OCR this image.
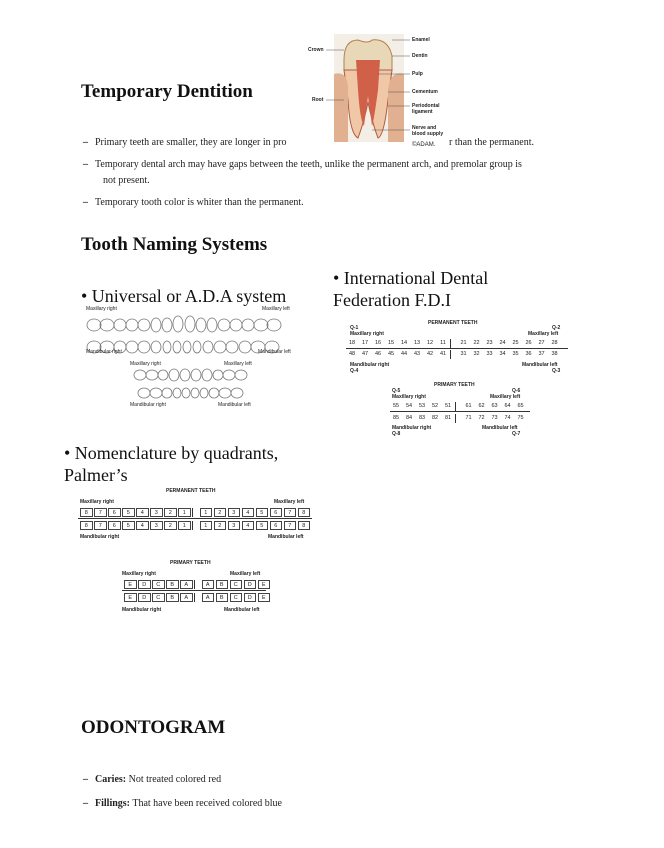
Temporary Dentition
Crown
Root
Enamel
Dentin
Pulp
Cementum
Periodontal ligament
Nerve and blood supply
©ADAM.
– Primary teeth are smaller, they are longer in pro	r than the permanent.
– Temporary dental arch may have gaps between the teeth, unlike the permanent arch, and premolar group is
not present.
– Temporary tooth color is whiter than the permanent.
Tooth Naming Systems
• Universal or A.D.A system
• International Dental
Federation F.D.I
Maxillary right	Maxillary left
Mandibular right	Mandibular left
Maxillary right	Maxillary left
Mandibular right	Mandibular left
PERMANENT TEETH
Q-1	Q-2
Maxillary right	Maxillary left
18	17	16	15	14	13	12	11	21	22	23	24	25	26	27	28
48	47	46	45	44	43	42	41	31	32	33	34	35	36	37	38
Mandibular right	Mandibular left
Q-4	Q-3
PRIMARY TEETH
Q-5	Q-6
Maxillary right	Maxillary left
55	54	53	52	51	61	62	63	64	65
85	84	83	82	81	71	72	73	74	75
Mandibular right	Mandibular left
Q-8	Q-7
• Nomenclature by quadrants,
Palmer’s
PERMANENT TEETH
Maxillary right	Maxillary left
8	7	6	5	4	3	2	1	1	2	3	4	5	6	7	8
8	7	6	5	4	3	2	1	1	2	3	4	5	6	7	8
Mandibular right	Mandibular left
PRIMARY TEETH
Maxillary right	Maxillary left
E	D	C	B	A	A	B	C	D	E
E	D	C	B	A	A	B	C	D	E
Mandibular right	Mandibular left
ODONTOGRAM
– Caries: Not treated colored red
– Fillings: That have been received colored blue
